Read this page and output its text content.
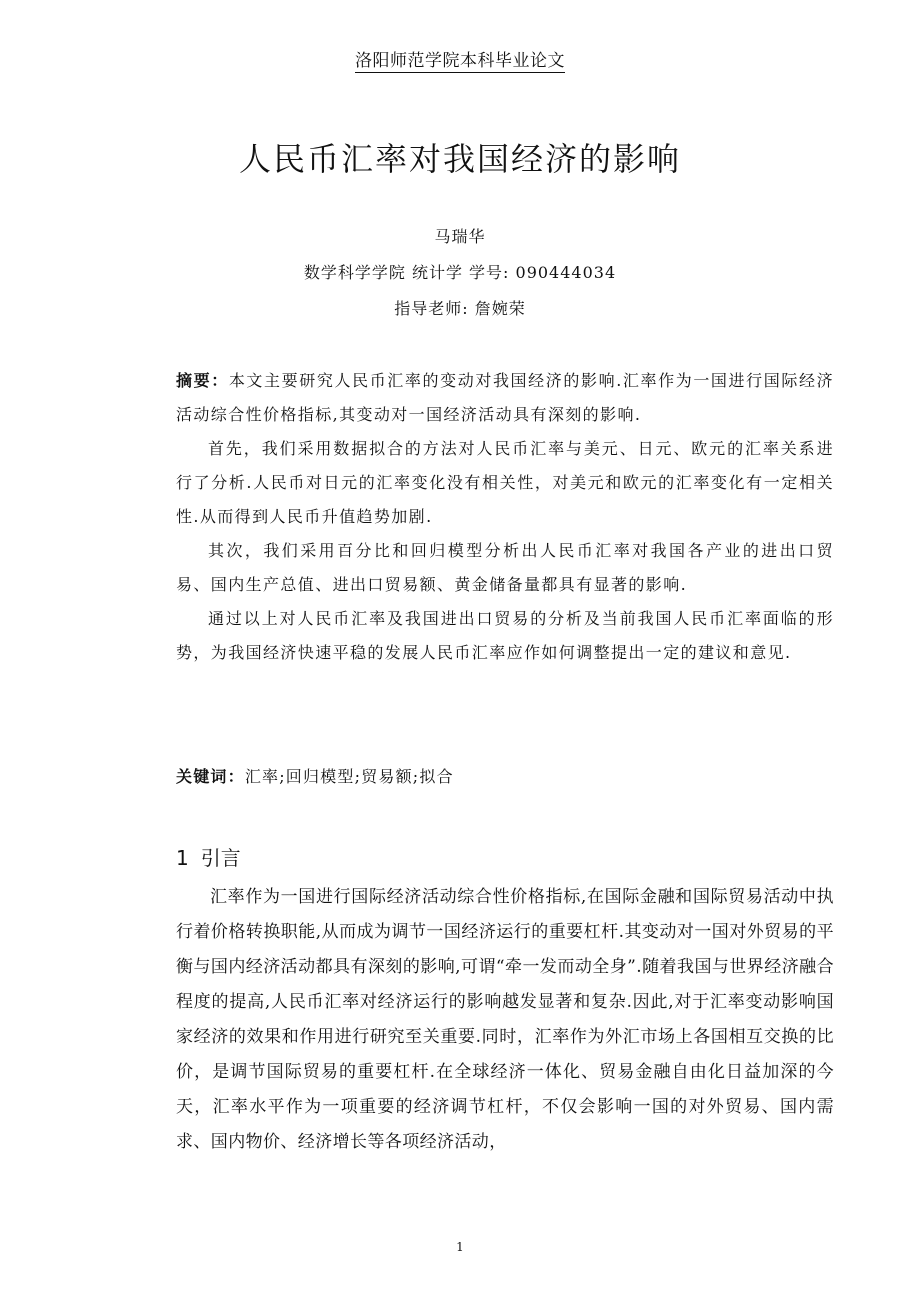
洛阳师范学院本科毕业论文
人民币汇率对我国经济的影响
马瑞华
数学科学学院 统计学 学号: 090444034
指导老师: 詹婉荣

摘要：本文主要研究人民币汇率的变动对我国经济的影响.汇率作为一国进行国际经济活动综合性价格指标,其变动对一国经济活动具有深刻的影响.

首先，我们采用数据拟合的方法对人民币汇率与美元、日元、欧元的汇率关系进行了分析.人民币对日元的汇率变化没有相关性，对美元和欧元的汇率变化有一定相关性.从而得到人民币升值趋势加剧.

其次，我们采用百分比和回归模型分析出人民币汇率对我国各产业的进出口贸易、国内生产总值、进出口贸易额、黄金储备量都具有显著的影响.

通过以上对人民币汇率及我国进出口贸易的分析及当前我国人民币汇率面临的形势，为我国经济快速平稳的发展人民币汇率应作如何调整提出一定的建议和意见.

关键词：汇率;回归模型;贸易额;拟合
1 引言

汇率作为一国进行国际经济活动综合性价格指标,在国际金融和国际贸易活动中执行着价格转换职能,从而成为调节一国经济运行的重要杠杆.其变动对一国对外贸易的平衡与国内经济活动都具有深刻的影响,可谓“牵一发而动全身”.随着我国与世界经济融合程度的提高,人民币汇率对经济运行的影响越发显著和复杂.因此,对于汇率变动影响国家经济的效果和作用进行研究至关重要.同时，汇率作为外汇市场上各国相互交换的比价，是调节国际贸易的重要杠杆.在全球经济一体化、贸易金融自由化日益加深的今天，汇率水平作为一项重要的经济调节杠杆，不仅会影响一国的对外贸易、国内需求、国内物价、经济增长等各项经济活动，

1
